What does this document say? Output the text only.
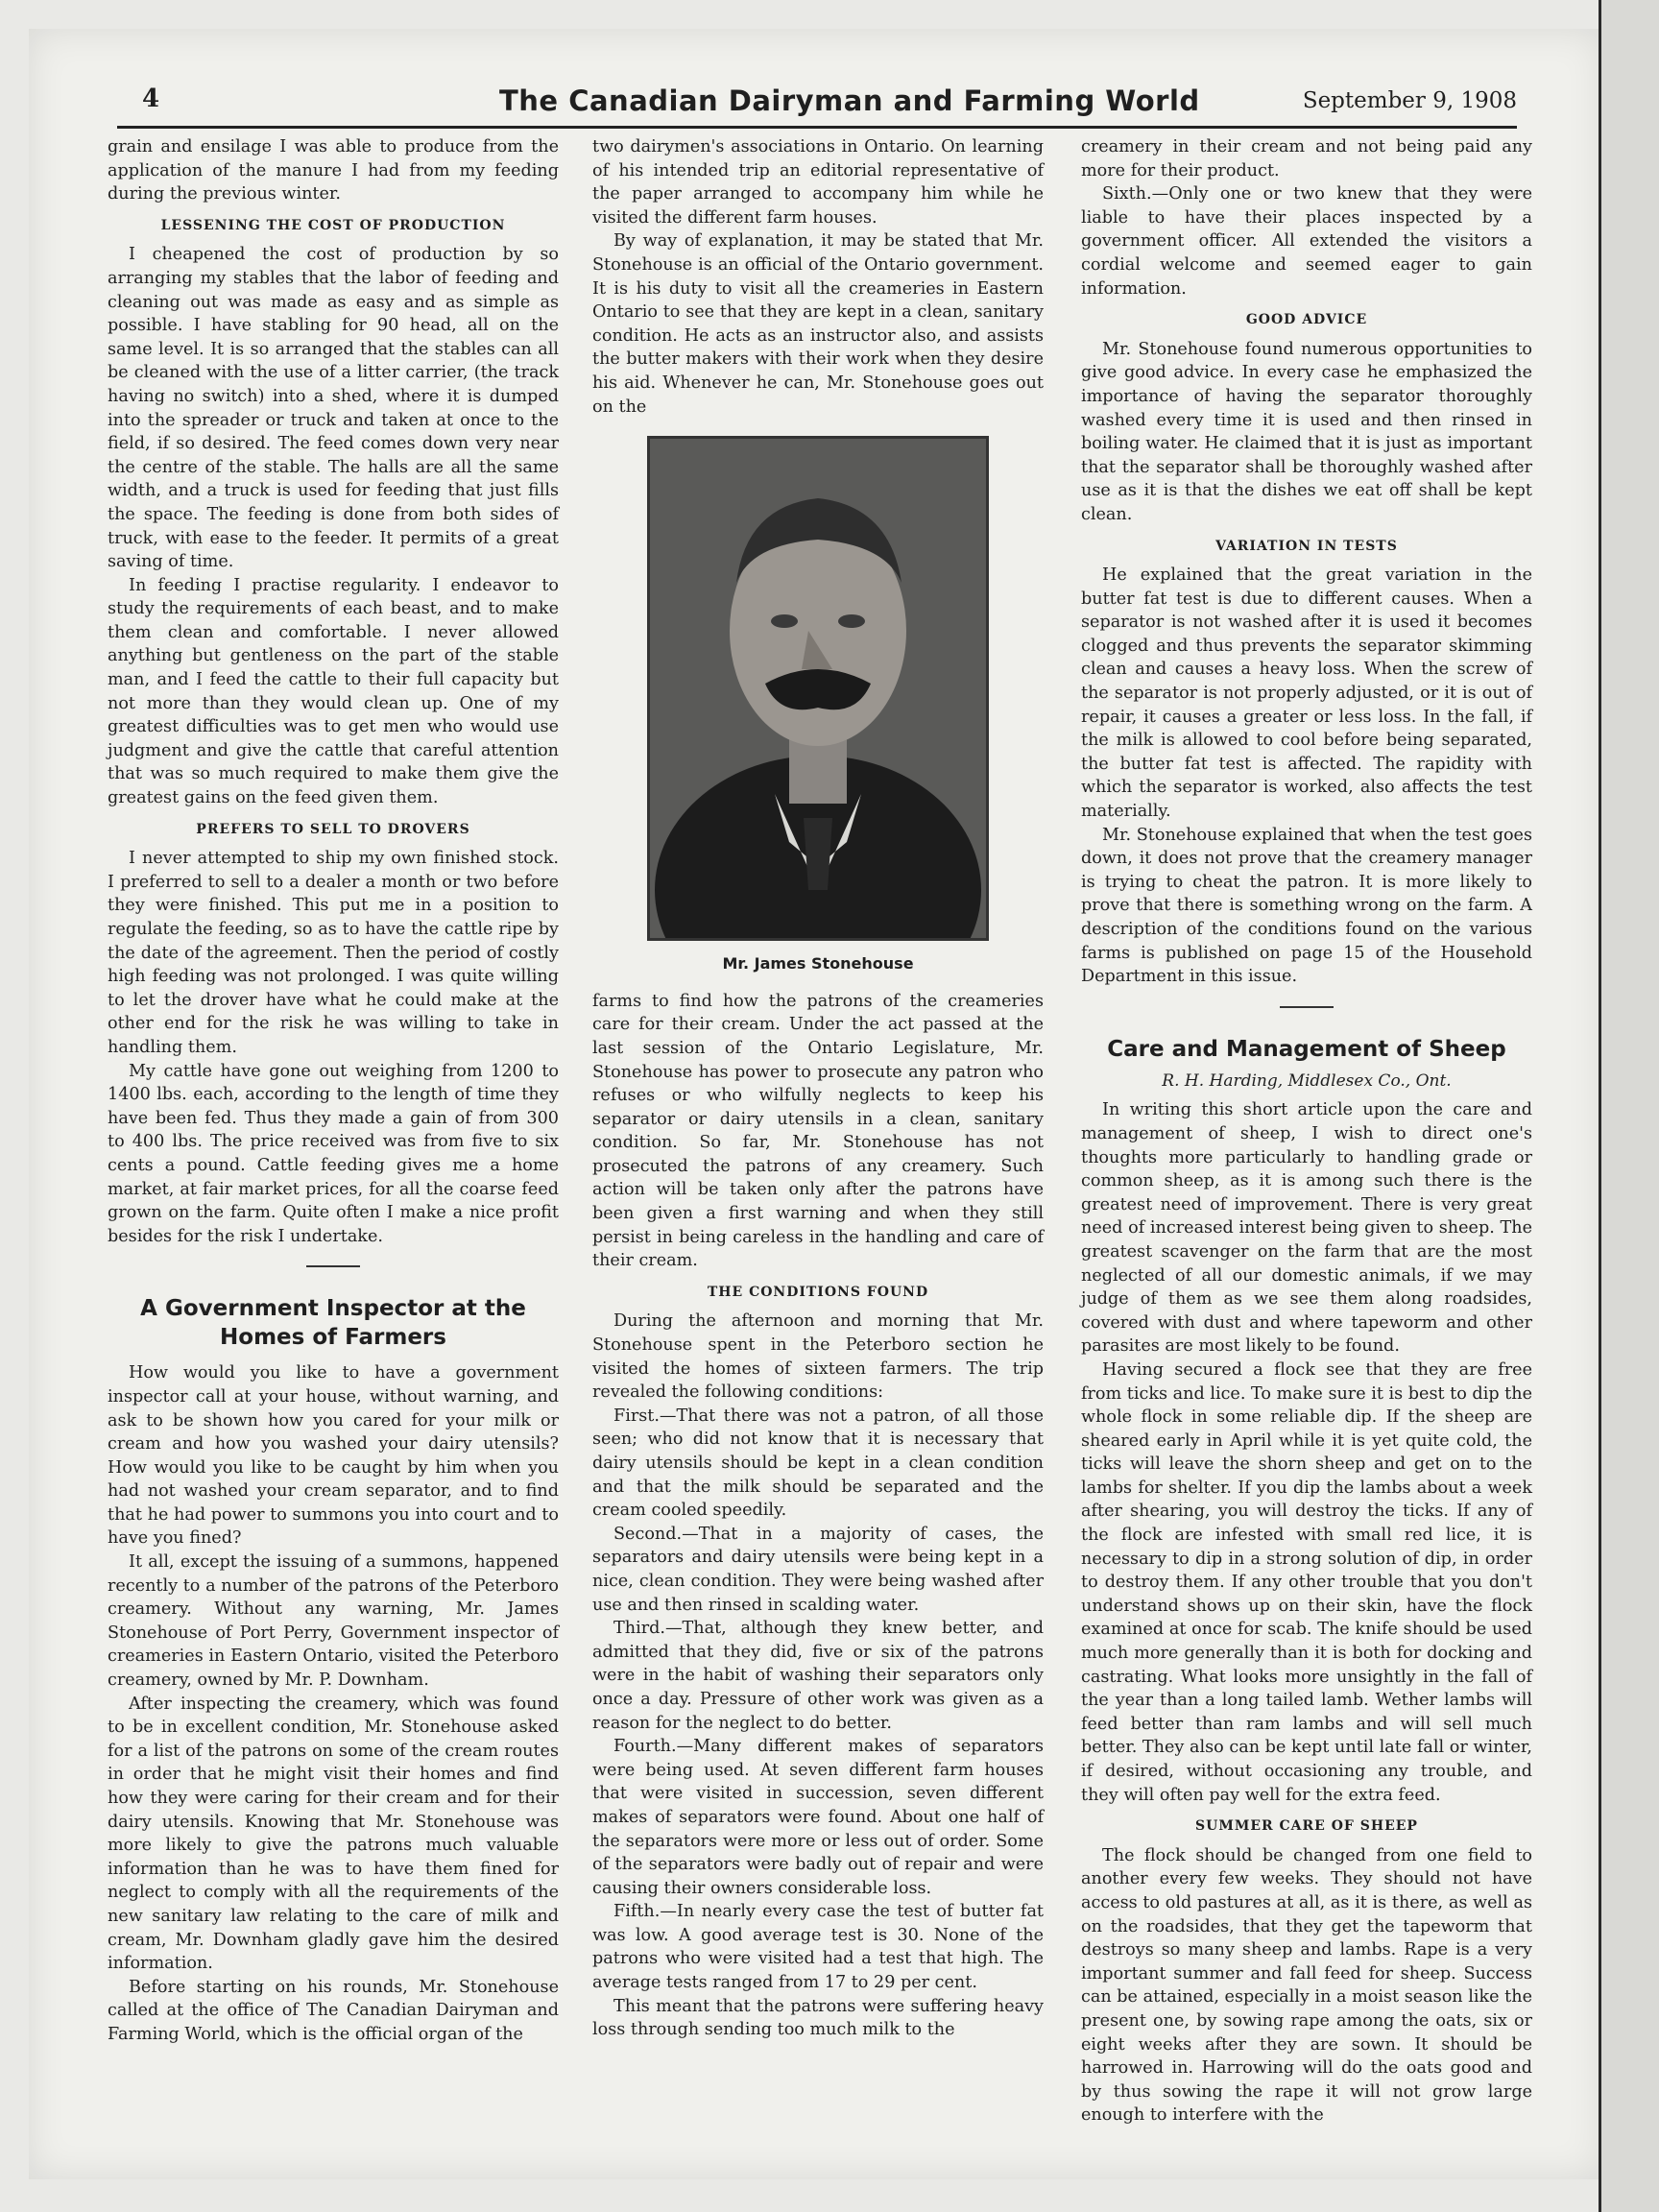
4	The Canadian Dairyman and Farming World	September 9, 1908

grain and ensilage I was able to produce from the application of the manure I had from my feeding during the previous winter.

LESSENING THE COST OF PRODUCTION

I cheapened the cost of production by so arranging my stables that the labor of feeding and cleaning out was made as easy and as simple as possible. I have stabling for 90 head, all on the same level. It is so arranged that the stables can all be cleaned with the use of a litter carrier, (the track having no switch) into a shed, where it is dumped into the spreader or truck and taken at once to the field, if so desired. The feed comes down very near the centre of the stable. The halls are all the same width, and a truck is used for feeding that just fills the space. The feeding is done from both sides of truck, with ease to the feeder. It permits of a great saving of time.

In feeding I practise regularity. I endeavor to study the requirements of each beast, and to make them clean and comfortable. I never allowed anything but gentleness on the part of the stable man, and I feed the cattle to their full capacity but not more than they would clean up. One of my greatest difficulties was to get men who would use judgment and give the cattle that careful attention that was so much required to make them give the greatest gains on the feed given them.

PREFERS TO SELL TO DROVERS

I never attempted to ship my own finished stock. I preferred to sell to a dealer a month or two before they were finished. This put me in a position to regulate the feeding, so as to have the cattle ripe by the date of the agreement. Then the period of costly high feeding was not prolonged. I was quite willing to let the drover have what he could make at the other end for the risk he was willing to take in handling them.

My cattle have gone out weighing from 1200 to 1400 lbs. each, according to the length of time they have been fed. Thus they made a gain of from 300 to 400 lbs. The price received was from five to six cents a pound. Cattle feeding gives me a home market, at fair market prices, for all the coarse feed grown on the farm. Quite often I make a nice profit besides for the risk I undertake.

A Government Inspector at the Homes of Farmers

How would you like to have a government inspector call at your house, without warning, and ask to be shown how you cared for your milk or cream and how you washed your dairy utensils? How would you like to be caught by him when you had not washed your cream separator, and to find that he had power to summons you into court and to have you fined?

It all, except the issuing of a summons, happened recently to a number of the patrons of the Peterboro creamery. Without any warning, Mr. James Stonehouse of Port Perry, Government inspector of creameries in Eastern Ontario, visited the Peterboro creamery, owned by Mr. P. Downham.

After inspecting the creamery, which was found to be in excellent condition, Mr. Stonehouse asked for a list of the patrons on some of the cream routes in order that he might visit their homes and find how they were caring for their cream and for their dairy utensils. Knowing that Mr. Stonehouse was more likely to give the patrons much valuable information than he was to have them fined for neglect to comply with all the requirements of the new sanitary law relating to the care of milk and cream, Mr. Downham gladly gave him the desired information.

Before starting on his rounds, Mr. Stonehouse called at the office of The Canadian Dairyman and Farming World, which is the official organ of the

two dairymen's associations in Ontario. On learning of his intended trip an editorial representative of the paper arranged to accompany him while he visited the different farm houses.

By way of explanation, it may be stated that Mr. Stonehouse is an official of the Ontario government. It is his duty to visit all the creameries in Eastern Ontario to see that they are kept in a clean, sanitary condition. He acts as an instructor also, and assists the butter makers with their work when they desire his aid. Whenever he can, Mr. Stonehouse goes out on the

Mr. James Stonehouse

farms to find how the patrons of the creameries care for their cream. Under the act passed at the last session of the Ontario Legislature, Mr. Stonehouse has power to prosecute any patron who refuses or who wilfully neglects to keep his separator or dairy utensils in a clean, sanitary condition. So far, Mr. Stonehouse has not prosecuted the patrons of any creamery. Such action will be taken only after the patrons have been given a first warning and when they still persist in being careless in the handling and care of their cream.

THE CONDITIONS FOUND

During the afternoon and morning that Mr. Stonehouse spent in the Peterboro section he visited the homes of sixteen farmers. The trip revealed the following conditions:

First.—That there was not a patron, of all those seen; who did not know that it is necessary that dairy utensils should be kept in a clean condition and that the milk should be separated and the cream cooled speedily.

Second.—That in a majority of cases, the separators and dairy utensils were being kept in a nice, clean condition. They were being washed after use and then rinsed in scalding water.

Third.—That, although they knew better, and admitted that they did, five or six of the patrons were in the habit of washing their separators only once a day. Pressure of other work was given as a reason for the neglect to do better.

Fourth.—Many different makes of separators were being used. At seven different farm houses that were visited in succession, seven different makes of separators were found. About one half of the separators were more or less out of order. Some of the separators were badly out of repair and were causing their owners considerable loss.

Fifth.—In nearly every case the test of butter fat was low. A good average test is 30. None of the patrons who were visited had a test that high. The average tests ranged from 17 to 29 per cent.

This meant that the patrons were suffering heavy loss through sending too much milk to the

creamery in their cream and not being paid any more for their product.

Sixth.—Only one or two knew that they were liable to have their places inspected by a government officer. All extended the visitors a cordial welcome and seemed eager to gain information.

GOOD ADVICE

Mr. Stonehouse found numerous opportunities to give good advice. In every case he emphasized the importance of having the separator thoroughly washed every time it is used and then rinsed in boiling water. He claimed that it is just as important that the separator shall be thoroughly washed after use as it is that the dishes we eat off shall be kept clean.

VARIATION IN TESTS

He explained that the great variation in the butter fat test is due to different causes. When a separator is not washed after it is used it becomes clogged and thus prevents the separator skimming clean and causes a heavy loss. When the screw of the separator is not properly adjusted, or it is out of repair, it causes a greater or less loss. In the fall, if the milk is allowed to cool before being separated, the butter fat test is affected. The rapidity with which the separator is worked, also affects the test materially.

Mr. Stonehouse explained that when the test goes down, it does not prove that the creamery manager is trying to cheat the patron. It is more likely to prove that there is something wrong on the farm. A description of the conditions found on the various farms is published on page 15 of the Household Department in this issue.

Care and Management of Sheep
R. H. Harding, Middlesex Co., Ont.

In writing this short article upon the care and management of sheep, I wish to direct one's thoughts more particularly to handling grade or common sheep, as it is among such there is the greatest need of improvement. There is very great need of increased interest being given to sheep. The greatest scavenger on the farm that are the most neglected of all our domestic animals, if we may judge of them as we see them along roadsides, covered with dust and where tapeworm and other parasites are most likely to be found.

Having secured a flock see that they are free from ticks and lice. To make sure it is best to dip the whole flock in some reliable dip. If the sheep are sheared early in April while it is yet quite cold, the ticks will leave the shorn sheep and get on to the lambs for shelter. If you dip the lambs about a week after shearing, you will destroy the ticks. If any of the flock are infested with small red lice, it is necessary to dip in a strong solution of dip, in order to destroy them. If any other trouble that you don't understand shows up on their skin, have the flock examined at once for scab. The knife should be used much more generally than it is both for docking and castrating. What looks more unsightly in the fall of the year than a long tailed lamb. Wether lambs will feed better than ram lambs and will sell much better. They also can be kept until late fall or winter, if desired, without occasioning any trouble, and they will often pay well for the extra feed.

SUMMER CARE OF SHEEP

The flock should be changed from one field to another every few weeks. They should not have access to old pastures at all, as it is there, as well as on the roadsides, that they get the tapeworm that destroys so many sheep and lambs. Rape is a very important summer and fall feed for sheep. Success can be attained, especially in a moist season like the present one, by sowing rape among the oats, six or eight weeks after they are sown. It should be harrowed in. Harrowing will do the oats good and by thus sowing the rape it will not grow large enough to interfere with the
